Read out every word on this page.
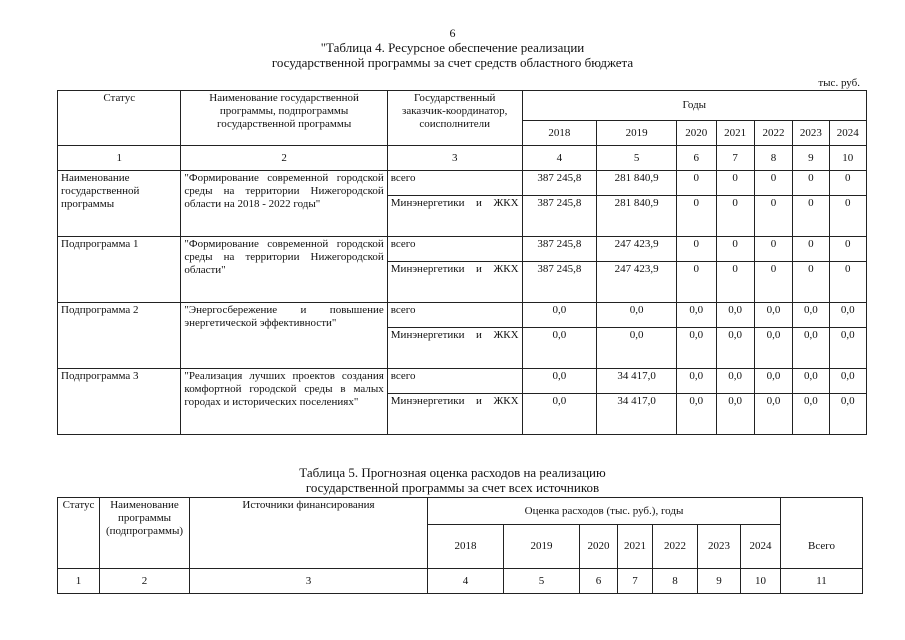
6
"Таблица 4. Ресурсное обеспечение реализации
государственной программы за счет средств областного бюджета
тыс. руб.
Статус	Наименование государственной программы, подпрограммы государственной программы	Государственный заказчик-координатор, соисполнители	Годы						
			2018	2019	2020	2021	2022	2023	2024
1	2	3	4	5	6	7	8	9	10
Наименование государственной программы	"Формирование современной городской среды на территории Нижегородской области на 2018 - 2022 годы"	всего	387 245,8	281 840,9	0	0	0	0	0
		Минэнергетики и ЖКХ	387 245,8	281 840,9	0	0	0	0	0
Подпрограмма 1	"Формирование современной городской среды на территории Нижегородской области"	всего	387 245,8	247 423,9	0	0	0	0	0
		Минэнергетики и ЖКХ	387 245,8	247 423,9	0	0	0	0	0
Подпрограмма 2	"Энергосбережение и повышение энергетической эффективности"	всего	0,0	0,0	0,0	0,0	0,0	0,0	0,0
		Минэнергетики и ЖКХ	0,0	0,0	0,0	0,0	0,0	0,0	0,0
Подпрограмма 3	"Реализация лучших проектов создания комфортной городской среды в малых городах и исторических поселениях"	всего	0,0	34 417,0	0,0	0,0	0,0	0,0	0,0
		Минэнергетики и ЖКХ	0,0	34 417,0	0,0	0,0	0,0	0,0	0,0
Таблица 5. Прогнозная оценка расходов на реализацию
государственной программы за счет всех источников
Статус	Наименование программы (подпрограммы)	Источники финансирования	Оценка расходов (тыс. руб.), годы							
			2018	2019	2020	2021	2022	2023	2024	Всего
1	2	3	4	5	6	7	8	9	10	11
